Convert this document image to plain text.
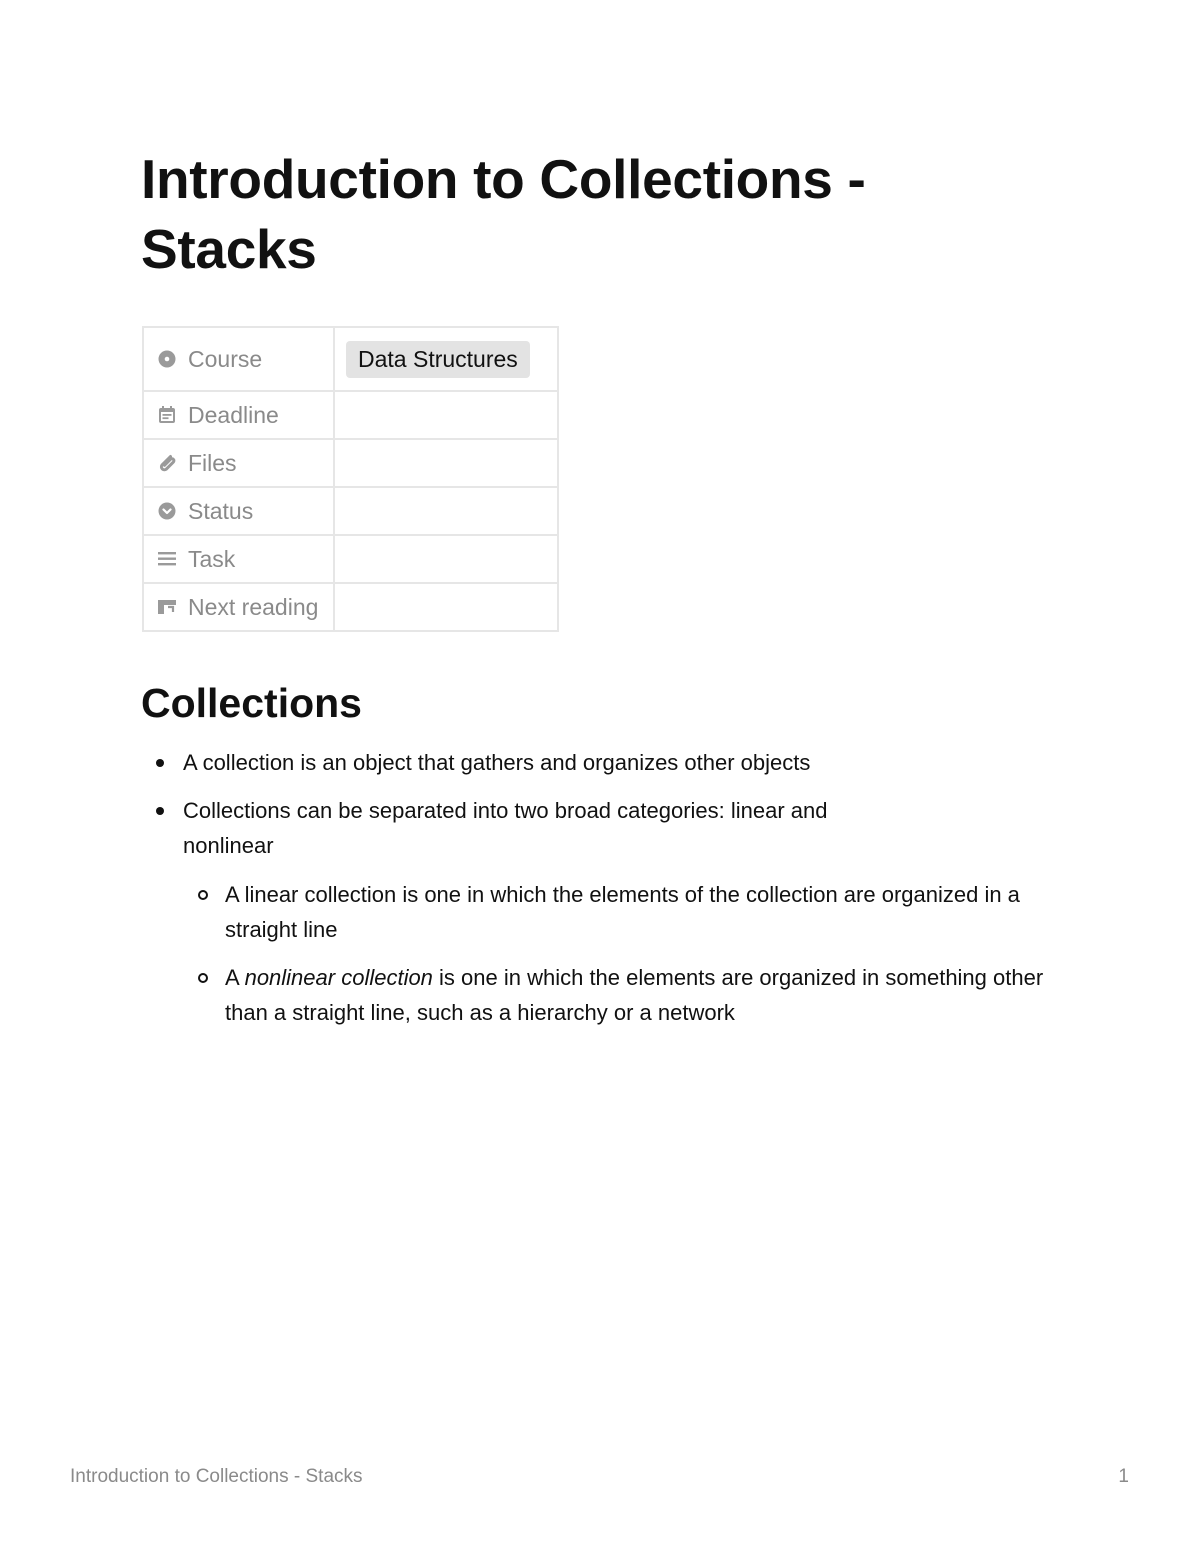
Introduction to Collections - Stacks
Course	Data Structures

Deadline	

Files	

Status	

Task	

Next reading	

Collections
A collection is an object that gathers and organizes other objects
Collections can be separated into two broad categories: linear and nonlinear
A linear collection is one in which the elements of the collection are organized in a straight line
A nonlinear collection is one in which the elements are organized in something other than a straight line, such as a hierarchy or a network
Introduction to Collections - Stacks	1
